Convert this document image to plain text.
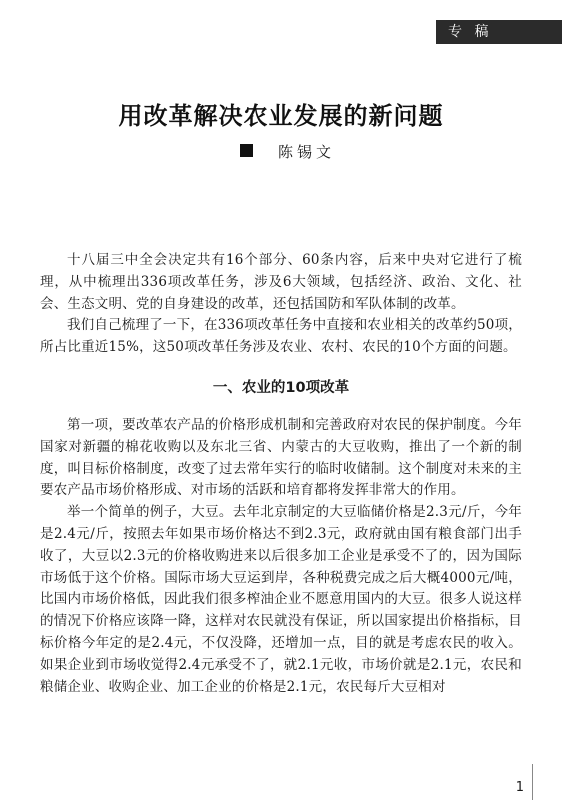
专 稿
用改革解决农业发展的新问题
陈锡文

十八届三中全会决定共有16个部分、60条内容，后来中央对它进行了梳理，从中梳理出336项改革任务，涉及6大领域，包括经济、政治、文化、社会、生态文明、党的自身建设的改革，还包括国防和军队体制的改革。

我们自己梳理了一下，在336项改革任务中直接和农业相关的改革约50项，所占比重近15%，这50项改革任务涉及农业、农村、农民的10个方面的问题。

一、农业的10项改革

第一项，要改革农产品的价格形成机制和完善政府对农民的保护制度。今年国家对新疆的棉花收购以及东北三省、内蒙古的大豆收购，推出了一个新的制度，叫目标价格制度，改变了过去常年实行的临时收储制。这个制度对未来的主要农产品市场价格形成、对市场的活跃和培育都将发挥非常大的作用。

举一个简单的例子，大豆。去年北京制定的大豆临储价格是2.3元/斤，今年是2.4元/斤，按照去年如果市场价格达不到2.3元，政府就由国有粮食部门出手收了，大豆以2.3元的价格收购进来以后很多加工企业是承受不了的，因为国际市场低于这个价格。国际市场大豆运到岸，各种税费完成之后大概4000元/吨，比国内市场价格低，因此我们很多榨油企业不愿意用国内的大豆。很多人说这样的情况下价格应该降一降，这样对农民就没有保证，所以国家提出价格指标，目标价格今年定的是2.4元，不仅没降，还增加一点，目的就是考虑农民的收入。如果企业到市场收觉得2.4元承受不了，就2.1元收，市场价就是2.1元，农民和粮储企业、收购企业、加工企业的价格是2.1元，农民每斤大豆相对

1
